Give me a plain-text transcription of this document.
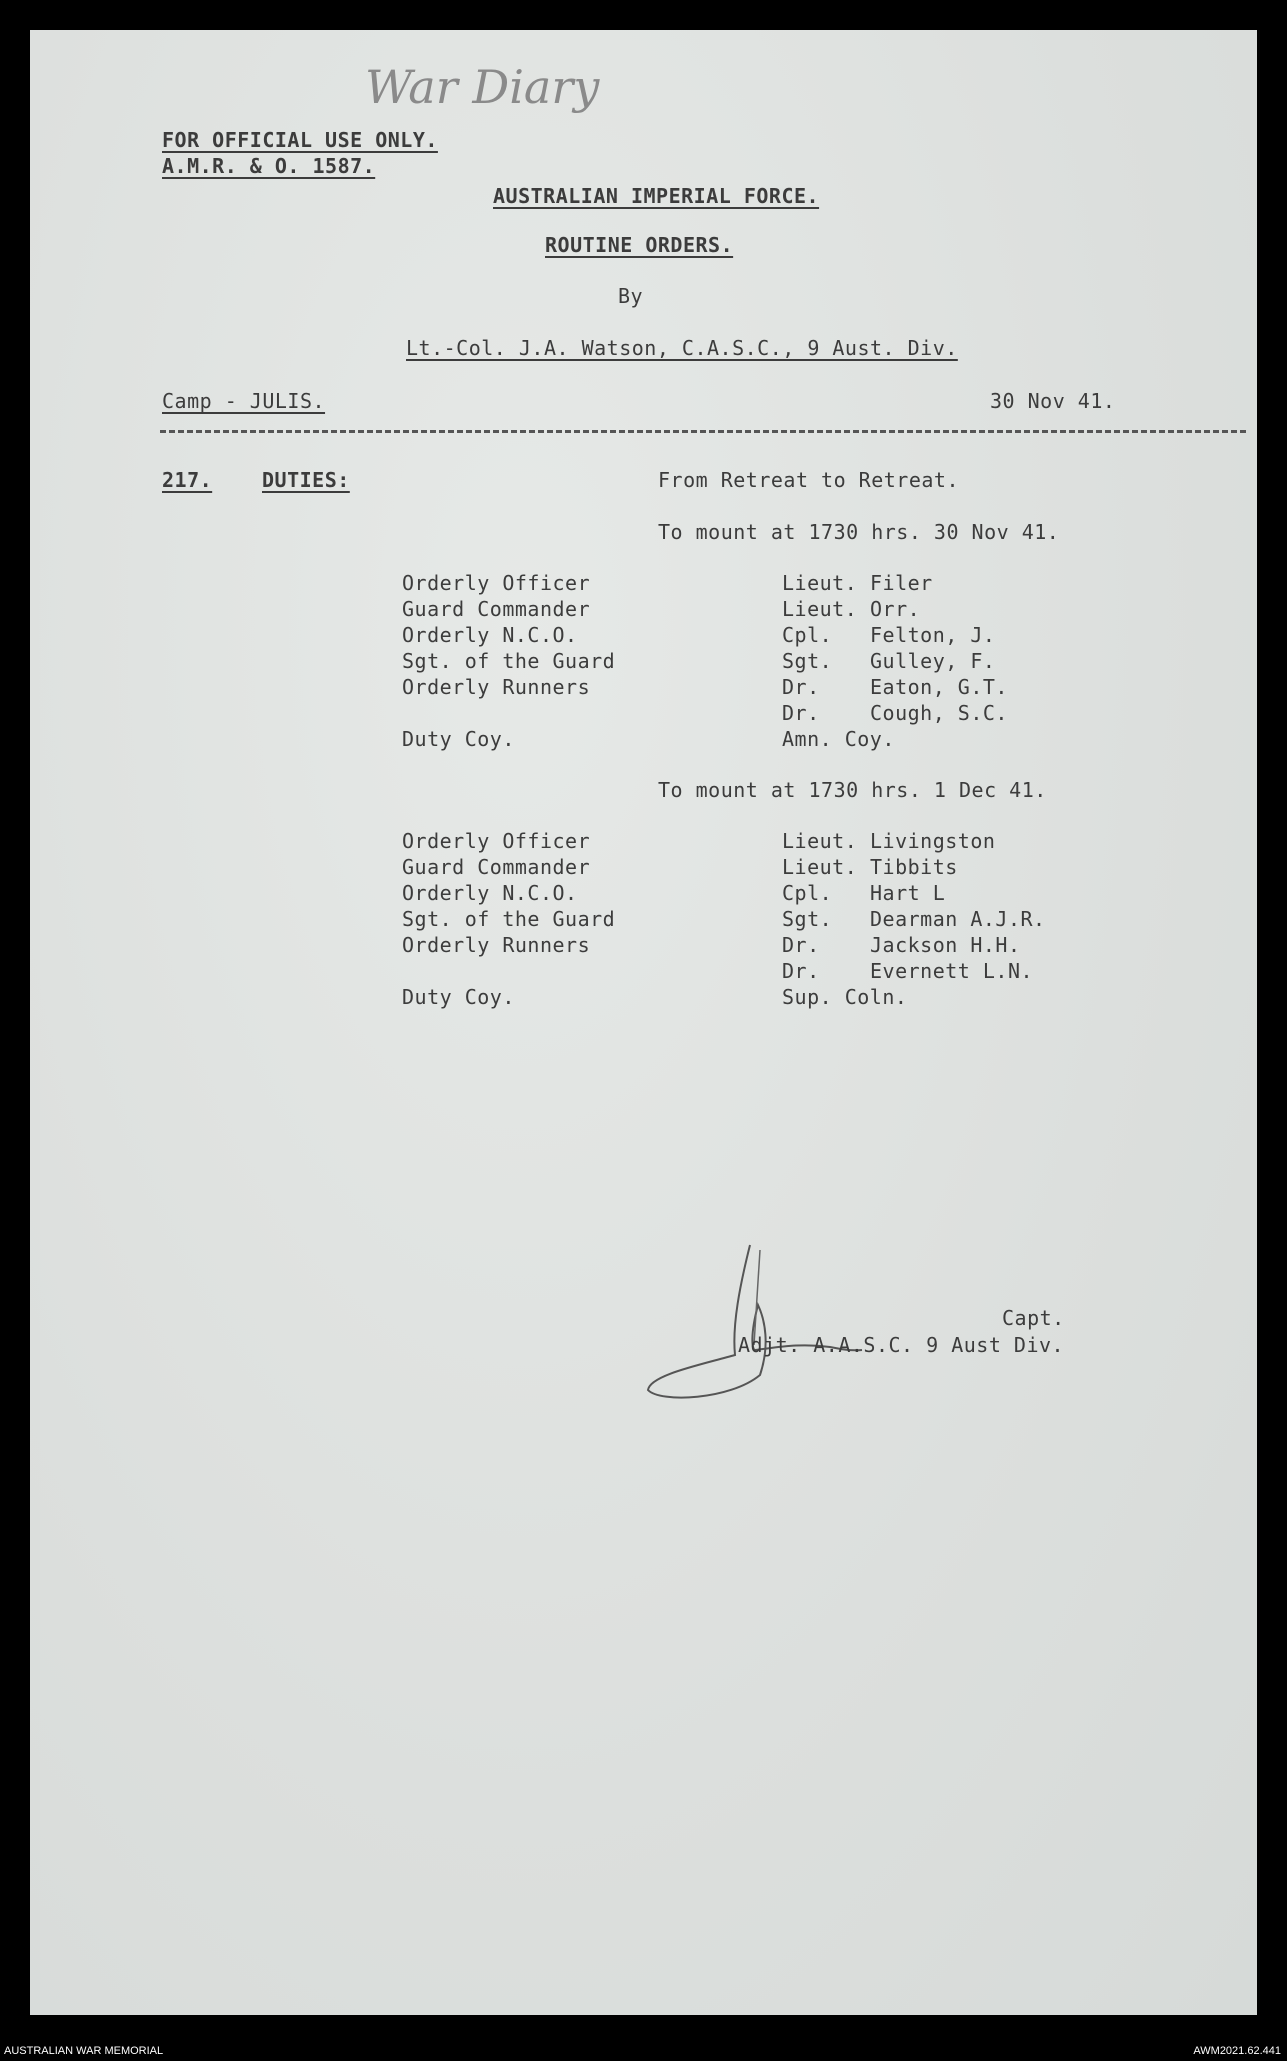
War Diary
FOR OFFICIAL USE ONLY.
A.M.R. & O. 1587.
AUSTRALIAN IMPERIAL FORCE.
ROUTINE ORDERS.
By
Lt.-Col. J.A. Watson, C.A.S.C., 9 Aust. Div.
Camp - JULIS.	30 Nov 41.
217. DUTIES:	From Retreat to Retreat.
To mount at 1730 hrs. 30 Nov 41.
Orderly Officer	Lieut. Filer
Guard Commander	Lieut. Orr.
Orderly N.C.O.	Cpl. Felton, J.
Sgt. of the Guard	Sgt. Gulley, F.
Orderly Runners	Dr.	Eaton, G.T.
Dr.	Cough, S.C.
Duty Coy.	Amn. Coy.
To mount at 1730 hrs. 1 Dec 41.
Orderly Officer	Lieut. Livingston
Guard Commander	Lieut. Tibbits
Orderly N.C.O.	Cpl. Hart L
Sgt. of the Guard	Sgt. Dearman A.J.R.
Orderly Runners	Dr.	Jackson H.H.
Dr.	Evernett L.N.
Duty Coy.	Sup. Coln.
Capt.
Adjt. A.A.S.C. 9 Aust Div.
AUSTRALIAN WAR MEMORIAL	AWM2021.62.441
